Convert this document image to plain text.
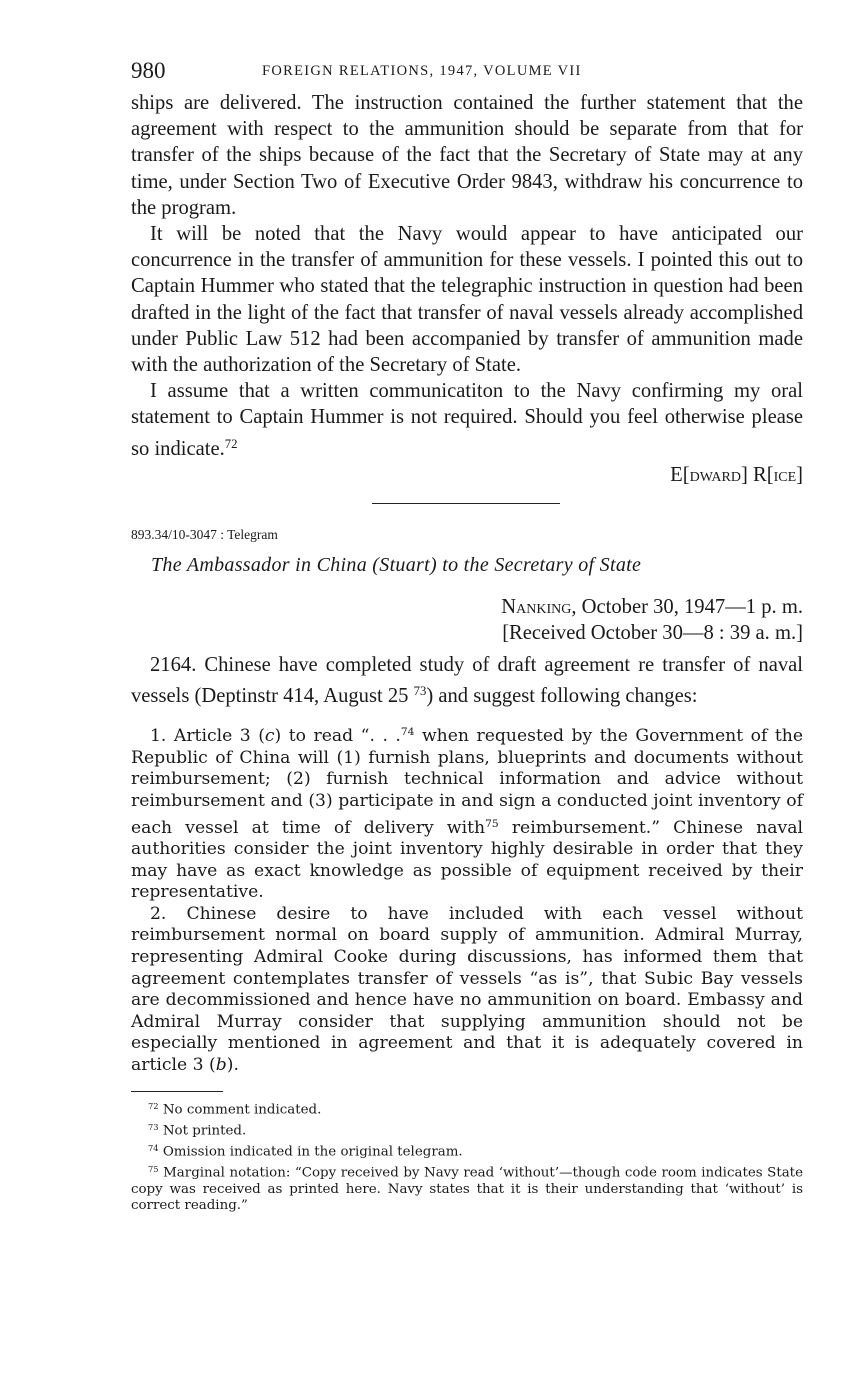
980	FOREIGN RELATIONS, 1947, VOLUME VII

ships are delivered. The instruction contained the further statement that the agreement with respect to the ammunition should be separate from that for transfer of the ships because of the fact that the Secretary of State may at any time, under Section Two of Executive Order 9843, withdraw his concurrence to the program.

It will be noted that the Navy would appear to have anticipated our concurrence in the transfer of ammunition for these vessels. I pointed this out to Captain Hummer who stated that the telegraphic instruction in question had been drafted in the light of the fact that transfer of naval vessels already accomplished under Public Law 512 had been accompanied by transfer of ammunition made with the authorization of the Secretary of State.

I assume that a written communicatiton to the Navy confirming my oral statement to Captain Hummer is not required. Should you feel otherwise please so indicate.$^{72}$

E[dward] R[ice]

893.34/10-3047 : Telegram

The Ambassador in China (Stuart) to the Secretary of State

Nanking, October 30, 1947—1 p. m.
[Received October 30—8 : 39 a. m.]

2164. Chinese have completed study of draft agreement re transfer of naval vessels (Deptinstr 414, August 25 $^{73}$) and suggest following changes:

1. Article 3 (c) to read “. . .$^{74}$ when requested by the Government of the Republic of China will (1) furnish plans, blueprints and documents without reimbursement; (2) furnish technical information and advice without reimbursement and (3) participate in and sign a conducted joint inventory of each vessel at time of delivery with$^{75}$ reimbursement.” Chinese naval authorities consider the joint inventory highly desirable in order that they may have as exact knowledge as possible of equipment received by their representative.

2. Chinese desire to have included with each vessel without reimbursement normal on board supply of ammunition. Admiral Murray, representing Admiral Cooke during discussions, has informed them that agreement contemplates transfer of vessels “as is”, that Subic Bay vessels are decommissioned and hence have no ammunition on board. Embassy and Admiral Murray consider that supplying ammunition should not be especially mentioned in agreement and that it is adequately covered in article 3 (b).

$^{72}$ No comment indicated.

$^{73}$ Not printed.

$^{74}$ Omission indicated in the original telegram.

$^{75}$ Marginal notation: “Copy received by Navy read ‘without’—though code room indicates State copy was received as printed here. Navy states that it is their understanding that ‘without’ is correct reading.”
